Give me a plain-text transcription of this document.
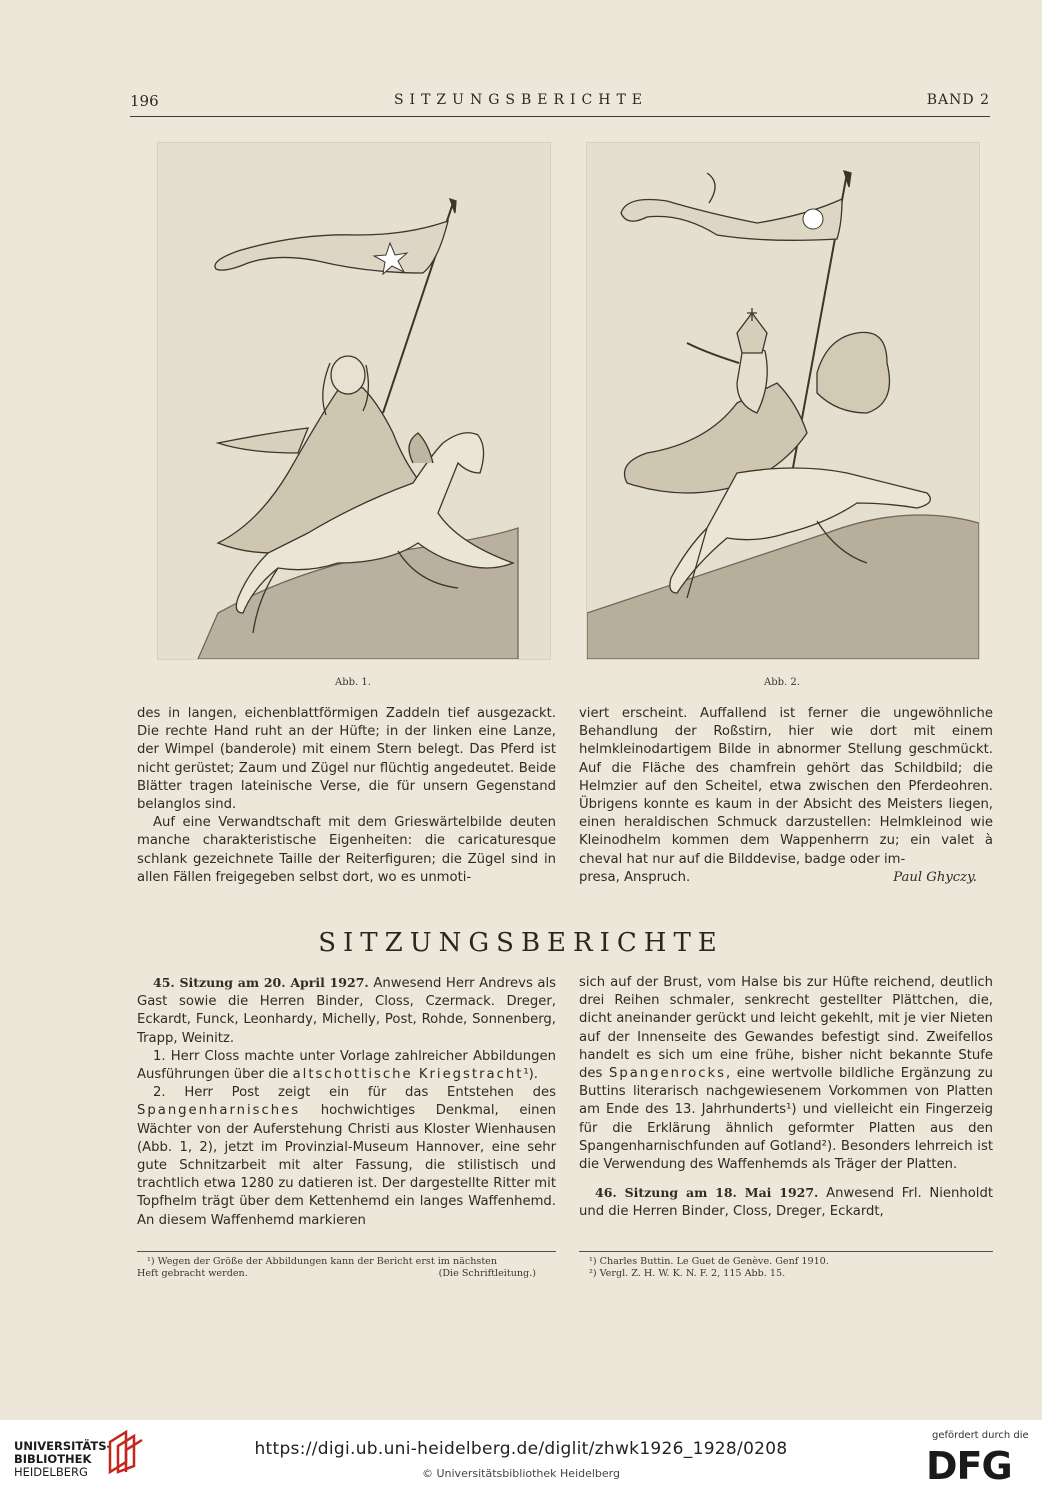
196	SITZUNGSBERICHTE	BAND 2
Abb. 1.	Abb. 2.

des in langen, eichenblattförmigen Zaddeln tief ausgezackt. Die rechte Hand ruht an der Hüfte; in der linken eine Lanze, der Wimpel (banderole) mit einem Stern belegt. Das Pferd ist nicht gerüstet; Zaum und Zügel nur flüchtig angedeutet. Beide Blätter tragen lateinische Verse, die für unsern Gegenstand belanglos sind.

Auf eine Verwandtschaft mit dem Grieswärtelbilde deuten manche charakteristische Eigenheiten: die caricaturesque schlank gezeichnete Taille der Reiterfiguren; die Zügel sind in allen Fällen freigegeben selbst dort, wo es unmoti-

viert erscheint. Auffallend ist ferner die ungewöhnliche Behandlung der Roßstirn, hier wie dort mit einem helmkleinodartigem Bilde in abnormer Stellung geschmückt. Auf die Fläche des chamfrein gehört das Schildbild; die Helmzier auf den Scheitel, etwa zwischen den Pferdeohren. Übrigens konnte es kaum in der Absicht des Meisters liegen, einen heraldischen Schmuck darzustellen: Helmkleinod wie Kleinodhelm kommen dem Wappenherrn zu; ein valet à cheval hat nur auf die Bilddevise, badge oder im-

presa, Anspruch.	Paul Ghyczy.

SITZUNGSBERICHTE

45. Sitzung am 20. April 1927. Anwesend Herr Andrevs als Gast sowie die Herren Binder, Closs, Czermack. Dreger, Eckardt, Funck, Leonhardy, Michelly, Post, Rohde, Sonnenberg, Trapp, Weinitz.

1. Herr Closs machte unter Vorlage zahlreicher Abbildungen Ausführungen über die altschottische Kriegstracht¹).

2. Herr Post zeigt ein für das Entstehen des Spangenharnisches hochwichtiges Denkmal, einen Wächter von der Auferstehung Christi aus Kloster Wienhausen (Abb. 1, 2), jetzt im Provinzial-Museum Hannover, eine sehr gute Schnitzarbeit mit alter Fassung, die stilistisch und trachtlich etwa 1280 zu datieren ist. Der dargestellte Ritter mit Topfhelm trägt über dem Kettenhemd ein langes Waffenhemd. An diesem Waffenhemd markieren

sich auf der Brust, vom Halse bis zur Hüfte reichend, deutlich drei Reihen schmaler, senkrecht gestellter Plättchen, die, dicht aneinander gerückt und leicht gekehlt, mit je vier Nieten auf der Innenseite des Gewandes befestigt sind. Zweifellos handelt es sich um eine frühe, bisher nicht bekannte Stufe des Spangenrocks, eine wertvolle bildliche Ergänzung zu Buttins literarisch nachgewiesenem Vorkommen von Platten am Ende des 13. Jahrhunderts¹) und vielleicht ein Fingerzeig für die Erklärung ähnlich geformter Platten aus den Spangenharnischfunden auf Gotland²). Besonders lehrreich ist die Verwendung des Waffenhemds als Träger der Platten.

46. Sitzung am 18. Mai 1927. Anwesend Frl. Nienholdt und die Herren Binder, Closs, Dreger, Eckardt,

¹) Wegen der Größe der Abbildungen kann der Bericht erst im nächsten
Heft gebracht werden.	(Die Schriftleitung.)
¹) Charles Buttin. Le Guet de Genève. Genf 1910.
²) Vergl. Z. H. W. K. N. F. 2, 115 Abb. 15.
UNIVERSITÄTS-
BIBLIOTHEK
HEIDELBERG
https://digi.ub.uni-heidelberg.de/diglit/zhwk1926_1928/0208
© Universitätsbibliothek Heidelberg
gefördert durch die
DFG
